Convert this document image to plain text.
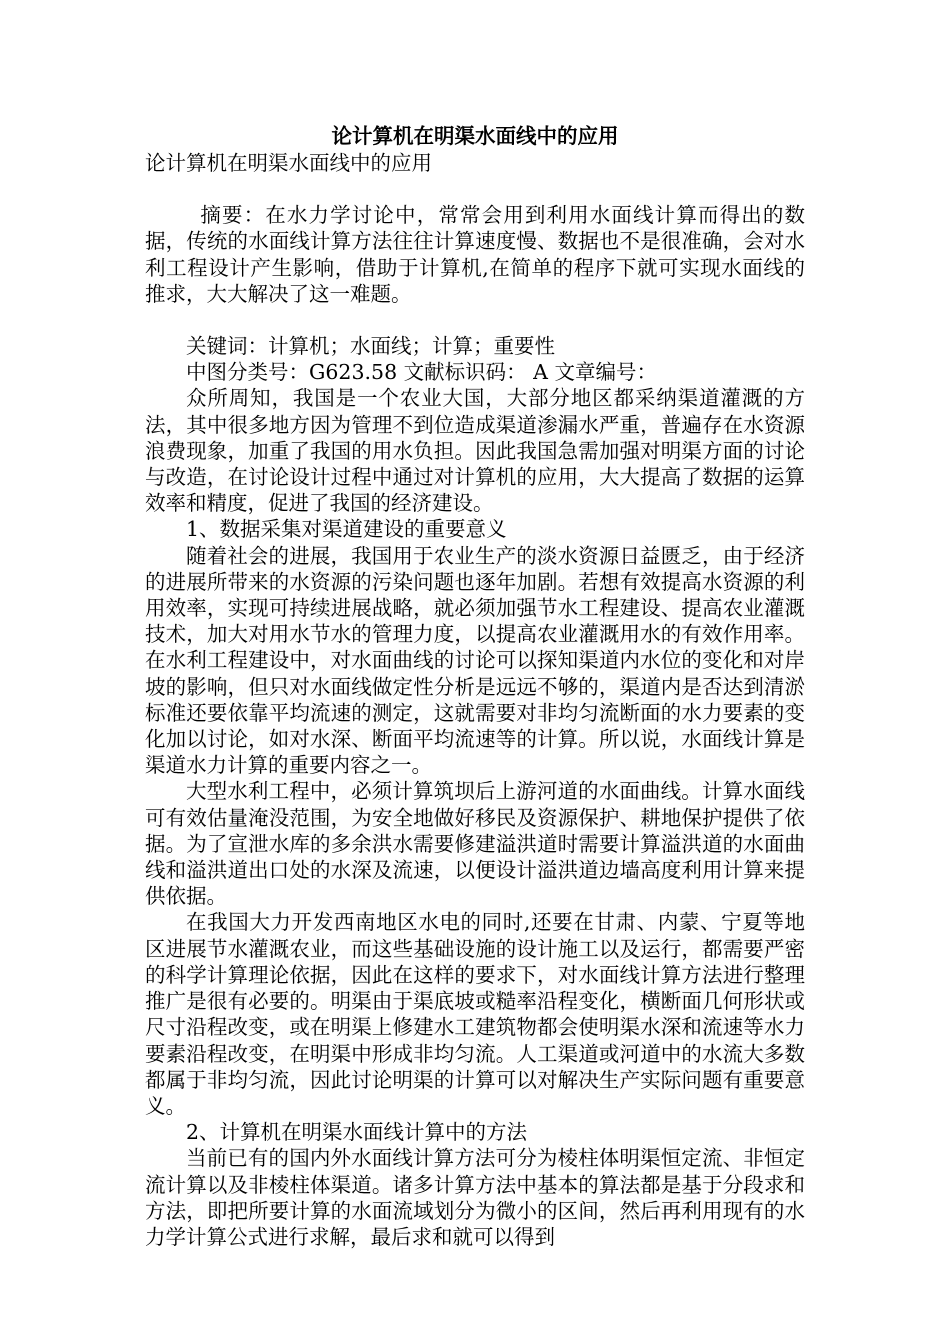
论计算机在明渠水面线中的应用

论计算机在明渠水面线中的应用

摘要：在水力学讨论中，常常会用到利用水面线计算而得出的数据，传统的水面线计算方法往往计算速度慢、数据也不是很准确，会对水利工程设计产生影响，借助于计算机,在简单的程序下就可实现水面线的推求，大大解决了这一难题。

关键词：计算机；水面线；计算；重要性

中图分类号：G623.58 文献标识码： A 文章编号：

众所周知，我国是一个农业大国，大部分地区都采纳渠道灌溉的方法，其中很多地方因为管理不到位造成渠道渗漏水严重，普遍存在水资源浪费现象，加重了我国的用水负担。因此我国急需加强对明渠方面的讨论与改造，在讨论设计过程中通过对计算机的应用，大大提高了数据的运算效率和精度，促进了我国的经济建设。

1、数据采集对渠道建设的重要意义

随着社会的进展，我国用于农业生产的淡水资源日益匮乏，由于经济的进展所带来的水资源的污染问题也逐年加剧。若想有效提高水资源的利用效率，实现可持续进展战略，就必须加强节水工程建设、提高农业灌溉技术，加大对用水节水的管理力度，以提高农业灌溉用水的有效作用率。在水利工程建设中，对水面曲线的讨论可以探知渠道内水位的变化和对岸坡的影响，但只对水面线做定性分析是远远不够的，渠道内是否达到清淤标准还要依靠平均流速的测定，这就需要对非均匀流断面的水力要素的变化加以讨论，如对水深、断面平均流速等的计算。所以说，水面线计算是渠道水力计算的重要内容之一。

大型水利工程中，必须计算筑坝后上游河道的水面曲线。计算水面线可有效估量淹没范围，为安全地做好移民及资源保护、耕地保护提供了依据。为了宣泄水库的多余洪水需要修建溢洪道时需要计算溢洪道的水面曲线和溢洪道出口处的水深及流速，以便设计溢洪道边墙高度利用计算来提供依据。

在我国大力开发西南地区水电的同时,还要在甘肃、内蒙、宁夏等地区进展节水灌溉农业，而这些基础设施的设计施工以及运行，都需要严密的科学计算理论依据，因此在这样的要求下，对水面线计算方法进行整理推广是很有必要的。明渠由于渠底坡或糙率沿程变化，横断面几何形状或尺寸沿程改变，或在明渠上修建水工建筑物都会使明渠水深和流速等水力要素沿程改变，在明渠中形成非均匀流。人工渠道或河道中的水流大多数都属于非均匀流，因此讨论明渠的计算可以对解决生产实际问题有重要意义。

2、计算机在明渠水面线计算中的方法

当前已有的国内外水面线计算方法可分为棱柱体明渠恒定流、非恒定流计算以及非棱柱体渠道。诸多计算方法中基本的算法都是基于分段求和方法，即把所要计算的水面流域划分为微小的区间，然后再利用现有的水力学计算公式进行求解，最后求和就可以得到
